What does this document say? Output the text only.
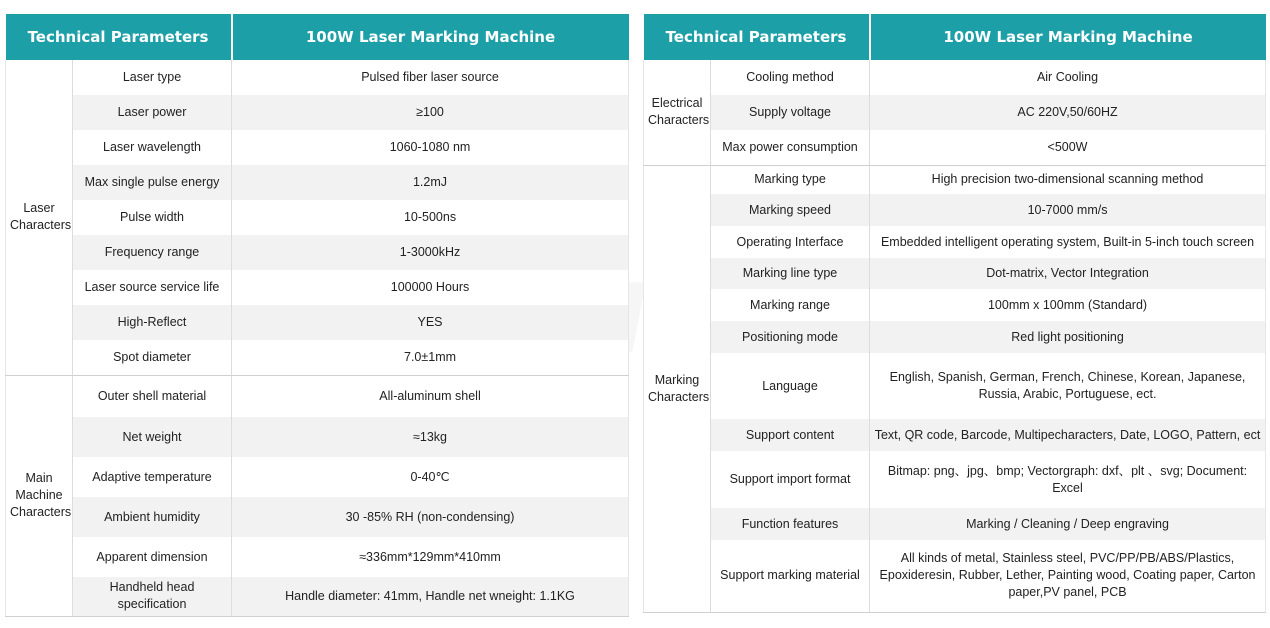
Technical Parameters		100W Laser Marking Machine
Laser Characters	Laser type	Pulsed fiber laser source
	Laser power	≥100
	Laser wavelength	1060-1080 nm
	Max single pulse energy	1.2mJ
	Pulse width	10-500ns
	Frequency range	1-3000kHz
	Laser source service life	100000 Hours
	High-Reflect	YES
	Spot diameter	7.0±1mm
Main Machine Characters	Outer shell material	All-aluminum shell
	Net weight	≈13kg
	Adaptive temperature	0-40℃
	Ambient humidity	30 -85% RH (non-condensing)
	Apparent dimension	≈336mm*129mm*410mm
	Handheld head specification	Handle diameter: 41mm, Handle net wneight: 1.1KG
Technical Parameters		100W Laser Marking Machine
Electrical Characters	Cooling method	Air Cooling
	Supply voltage	AC 220V,50/60HZ
	Max power consumption	<500W
Marking Characters	Marking type	High precision two-dimensional scanning method
	Marking speed	10-7000 mm/s
	Operating Interface	Embedded intelligent operating system, Built-in 5-inch touch screen
	Marking line type	Dot-matrix, Vector Integration
	Marking range	100mm x 100mm (Standard)
	Positioning mode	Red light positioning
	Language	English, Spanish, German, French, Chinese, Korean, Japanese, Russia, Arabic, Portuguese, ect.
	Support content	Text, QR code, Barcode, Multipecharacters, Date, LOGO, Pattern, ect
	Support import format	Bitmap: png、jpg、bmp; Vectorgraph: dxf、plt 、svg; Document: Excel
	Function features	Marking / Cleaning / Deep engraving
	Support marking material	All kinds of metal, Stainless steel, PVC/PP/PB/ABS/Plastics, Epoxideresin, Rubber, Lether, Painting wood, Coating paper, Carton paper,PV panel, PCB
